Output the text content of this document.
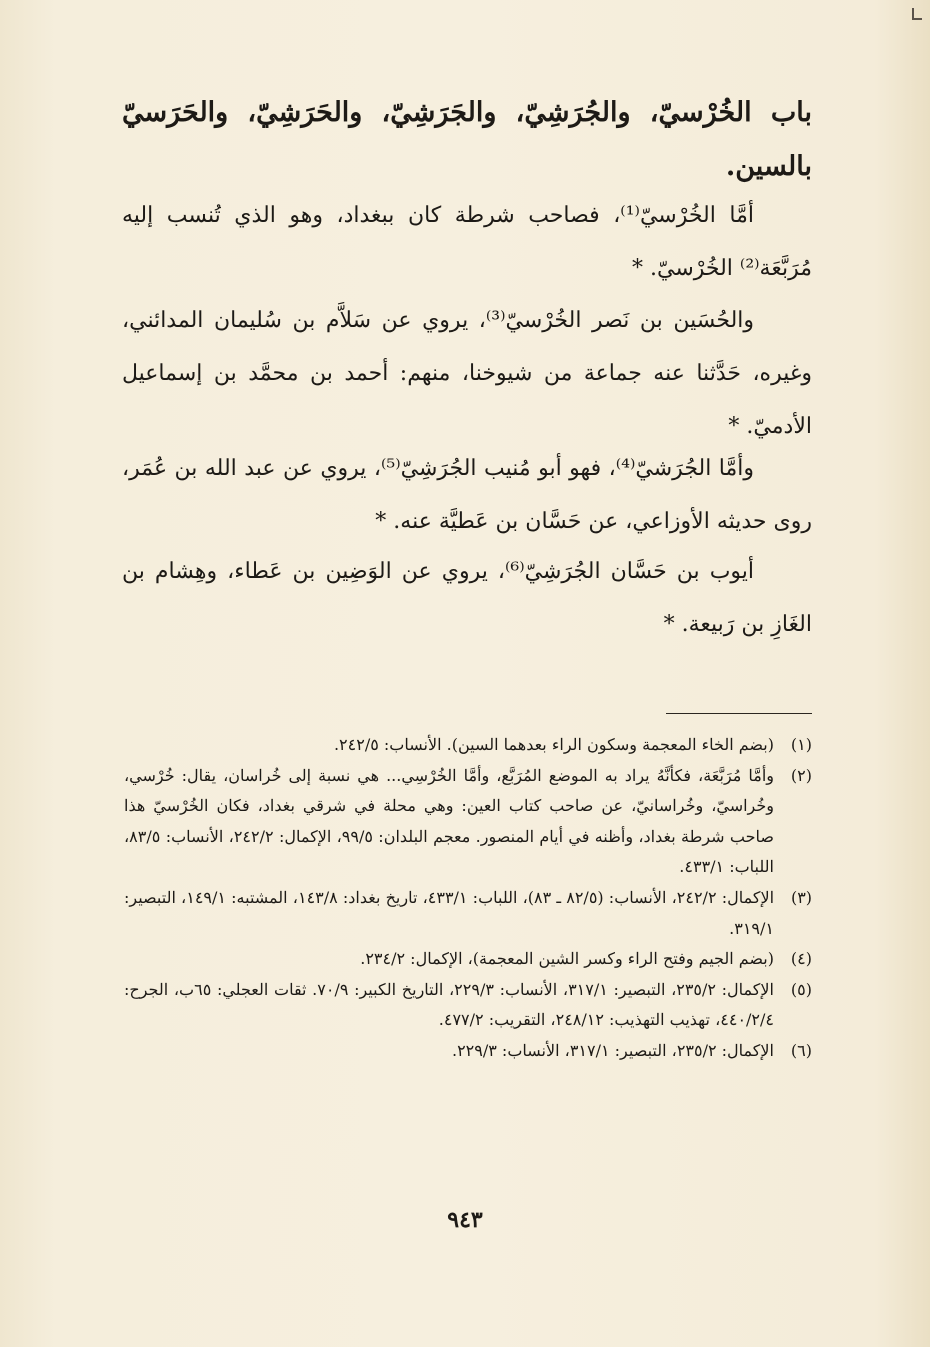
باب الخُرْسيّ، والجُرَشِيّ، والجَرَشِيّ، والحَرَشِيّ، والحَرَسيّ بالسين.
أمَّا الخُرْسيّ⁽¹⁾، فصاحب شرطة كان ببغداد، وهو الذي تُنسب إليه مُرَبَّعَة⁽²⁾ الخُرْسيّ. *
والحُسَين بن نَصر الخُرْسيّ⁽³⁾، يروي عن سَلاَّم بن سُليمان المدائني، وغيره، حَدَّثنا عنه جماعة من شيوخنا، منهم: أحمد بن محمَّد بن إسماعيل الأدميّ. *
وأمَّا الجُرَشيّ⁽⁴⁾، فهو أبو مُنيب الجُرَشِيّ⁽⁵⁾، يروي عن عبد الله بن عُمَر، روى حديثه الأوزاعي، عن حَسَّان بن عَطيَّة عنه. *
أيوب بن حَسَّان الجُرَشِيّ⁽⁶⁾، يروي عن الوَضِين بن عَطاء، وهِشام بن الغَازِ بن رَبيعة. *

(١)(بضم الخاء المعجمة وسكون الراء بعدهما السين). الأنساب: ٢٤٢/٥.

(٢)وأمَّا مُرَبَّعَة، فكأنَّهُ يراد به الموضع المُرَبَّع، وأمَّا الخُرْسِي... هي نسبة إلى خُراسان، يقال: خُرْسي، وخُراسيّ، وخُراسانيّ، عن صاحب كتاب العين: وهي محلة في شرقي بغداد، فكان الخُرْسيّ هذا صاحب شرطة بغداد، وأظنه في أيام المنصور. معجم البلدان: ٩٩/٥، الإكمال: ٢٤٢/٢، الأنساب: ٨٣/٥، اللباب: ٤٣٣/١.

(٣)الإكمال: ٢٤٢/٢، الأنساب: (٨٢/٥ ـ ٨٣)، اللباب: ٤٣٣/١، تاريخ بغداد: ١٤٣/٨، المشتبه: ١٤٩/١، التبصير: ٣١٩/١.

(٤)(بضم الجيم وفتح الراء وكسر الشين المعجمة)، الإكمال: ٢٣٤/٢.

(٥)الإكمال: ٢٣٥/٢، التبصير: ٣١٧/١، الأنساب: ٢٢٩/٣، التاريخ الكبير: ٧٠/٩. ثقات العجلي: ٦٥ب، الجرح: ٤٤٠/٢/٤، تهذيب التهذيب: ٢٤٨/١٢، التقريب: ٤٧٧/٢.

(٦)الإكمال: ٢٣٥/٢، التبصير: ٣١٧/١، الأنساب: ٢٢٩/٣.

٩٤٣
